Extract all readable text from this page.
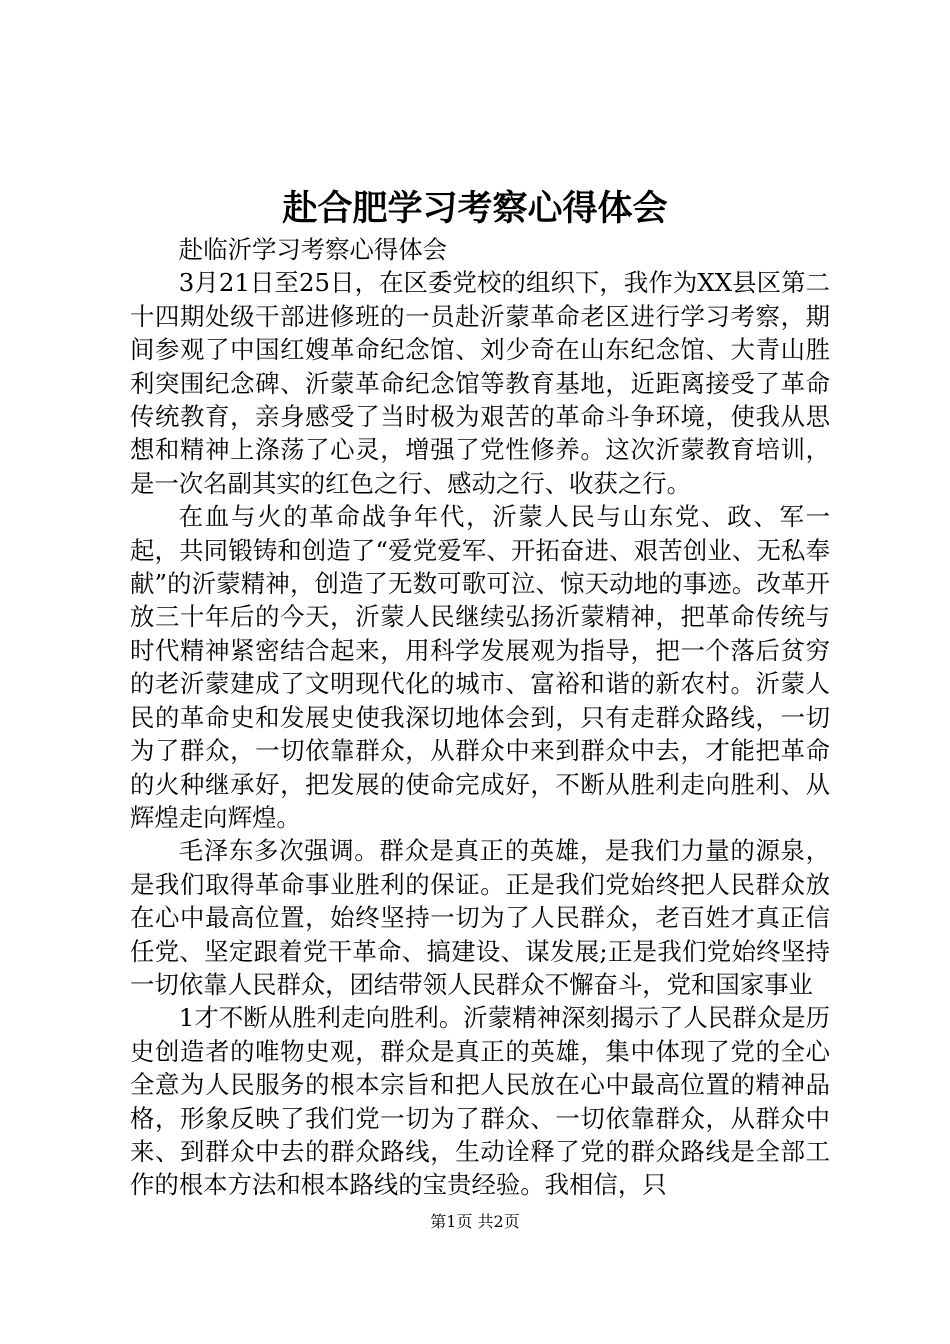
赴合肥学习考察心得体会

赴临沂学习考察心得体会

3月21日至25日，在区委党校的组织下，我作为XX县区第二十四期处级干部进修班的一员赴沂蒙革命老区进行学习考察，期间参观了中国红嫂革命纪念馆、刘少奇在山东纪念馆、大青山胜利突围纪念碑、沂蒙革命纪念馆等教育基地，近距离接受了革命传统教育，亲身感受了当时极为艰苦的革命斗争环境，使我从思想和精神上涤荡了心灵，增强了党性修养。这次沂蒙教育培训，是一次名副其实的红色之行、感动之行、收获之行。

在血与火的革命战争年代，沂蒙人民与山东党、政、军一起，共同锻铸和创造了“爱党爱军、开拓奋进、艰苦创业、无私奉献”的沂蒙精神，创造了无数可歌可泣、惊天动地的事迹。改革开放三十年后的今天，沂蒙人民继续弘扬沂蒙精神，把革命传统与时代精神紧密结合起来，用科学发展观为指导，把一个落后贫穷的老沂蒙建成了文明现代化的城市、富裕和谐的新农村。沂蒙人民的革命史和发展史使我深切地体会到，只有走群众路线，一切为了群众，一切依靠群众，从群众中来到群众中去，才能把革命的火种继承好，把发展的使命完成好，不断从胜利走向胜利、从辉煌走向辉煌。

毛泽东多次强调。群众是真正的英雄，是我们力量的源泉，是我们取得革命事业胜利的保证。正是我们党始终把人民群众放在心中最高位置，始终坚持一切为了人民群众，老百姓才真正信任党、坚定跟着党干革命、搞建设、谋发展;正是我们党始终坚持一切依靠人民群众，团结带领人民群众不懈奋斗，党和国家事业

1才不断从胜利走向胜利。沂蒙精神深刻揭示了人民群众是历史创造者的唯物史观，群众是真正的英雄，集中体现了党的全心全意为人民服务的根本宗旨和把人民放在心中最高位置的精神品格，形象反映了我们党一切为了群众、一切依靠群众，从群众中来、到群众中去的群众路线，生动诠释了党的群众路线是全部工作的根本方法和根本路线的宝贵经验。我相信，只

第1页 共2页
